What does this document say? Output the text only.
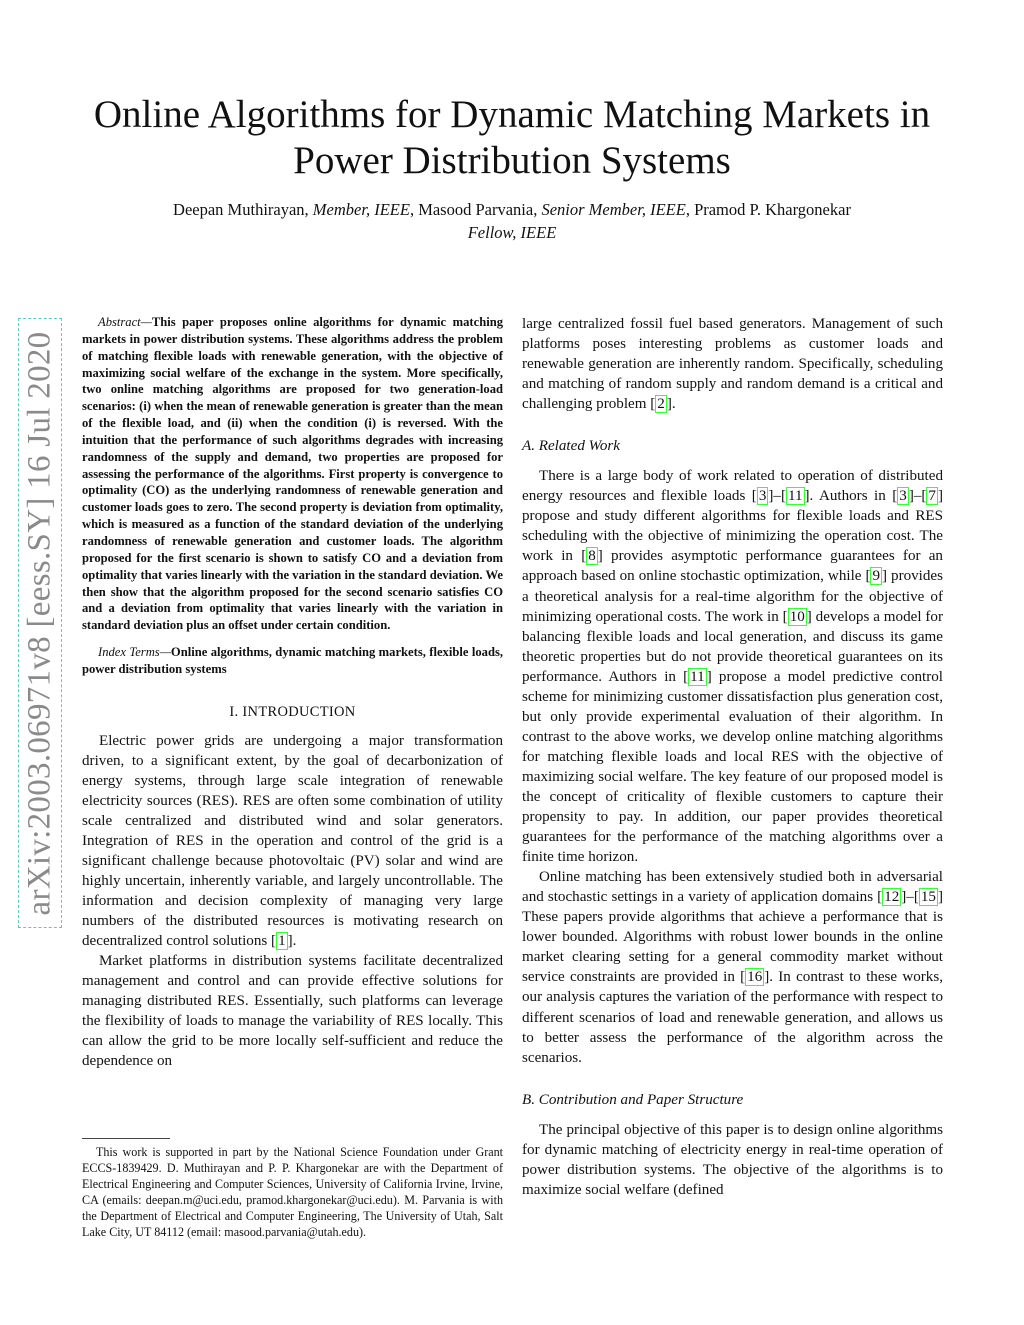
arXiv:2003.06971v8 [eess.SY] 16 Jul 2020
Online Algorithms for Dynamic Matching Markets in Power Distribution Systems
Deepan Muthirayan, Member, IEEE, Masood Parvania, Senior Member, IEEE, Pramod P. Khargonekar
Fellow, IEEE

Abstract—This paper proposes online algorithms for dynamic matching markets in power distribution systems. These algorithms address the problem of matching flexible loads with renewable generation, with the objective of maximizing social welfare of the exchange in the system. More specifically, two online matching algorithms are proposed for two generation-load scenarios: (i) when the mean of renewable generation is greater than the mean of the flexible load, and (ii) when the condition (i) is reversed. With the intuition that the performance of such algorithms degrades with increasing randomness of the supply and demand, two properties are proposed for assessing the performance of the algorithms. First property is convergence to optimality (CO) as the underlying randomness of renewable generation and customer loads goes to zero. The second property is deviation from optimality, which is measured as a function of the standard deviation of the underlying randomness of renewable generation and customer loads. The algorithm proposed for the first scenario is shown to satisfy CO and a deviation from optimality that varies linearly with the variation in the standard deviation. We then show that the algorithm proposed for the second scenario satisfies CO and a deviation from optimality that varies linearly with the variation in standard deviation plus an offset under certain condition.

Index Terms—Online algorithms, dynamic matching markets, flexible loads, power distribution systems

I. INTRODUCTION

Electric power grids are undergoing a major transformation driven, to a significant extent, by the goal of decarbonization of energy systems, through large scale integration of renewable electricity sources (RES). RES are often some combination of utility scale centralized and distributed wind and solar generators. Integration of RES in the operation and control of the grid is a significant challenge because photovoltaic (PV) solar and wind are highly uncertain, inherently variable, and largely uncontrollable. The information and decision complexity of managing very large numbers of the distributed resources is motivating research on decentralized control solutions [ 1 ].

Market platforms in distribution systems facilitate decentralized management and control and can provide effective solutions for managing distributed RES. Essentially, such platforms can leverage the flexibility of loads to manage the variability of RES locally. This can allow the grid to be more locally self-sufficient and reduce the dependence on

large centralized fossil fuel based generators. Management of such platforms poses interesting problems as customer loads and renewable generation are inherently random. Specifically, scheduling and matching of random supply and random demand is a critical and challenging problem [ 2 ].

A. Related Work

There is a large body of work related to operation of distributed energy resources and flexible loads [ 3 ]–[ 11 ]. Authors in [ 3 ]–[ 7 ] propose and study different algorithms for flexible loads and RES scheduling with the objective of minimizing the operation cost. The work in [ 8 ] provides asymptotic performance guarantees for an approach based on online stochastic optimization, while [ 9 ] provides a theoretical analysis for a real-time algorithm for the objective of minimizing operational costs. The work in [ 10 ] develops a model for balancing flexible loads and local generation, and discuss its game theoretic properties but do not provide theoretical guarantees on its performance. Authors in [ 11 ] propose a model predictive control scheme for minimizing customer dissatisfaction plus generation cost, but only provide experimental evaluation of their algorithm. In contrast to the above works, we develop online matching algorithms for matching flexible loads and local RES with the objective of maximizing social welfare. The key feature of our proposed model is the concept of criticality of flexible customers to capture their propensity to pay. In addition, our paper provides theoretical guarantees for the performance of the matching algorithms over a finite time horizon.

Online matching has been extensively studied both in adversarial and stochastic settings in a variety of application domains [ 12 ]–[ 15 ] These papers provide algorithms that achieve a performance that is lower bounded. Algorithms with robust lower bounds in the online market clearing setting for a general commodity market without service constraints are provided in [ 16 ]. In contrast to these works, our analysis captures the variation of the performance with respect to different scenarios of load and renewable generation, and allows us to better assess the performance of the algorithm across the scenarios.

B. Contribution and Paper Structure

The principal objective of this paper is to design online algorithms for dynamic matching of electricity energy in real-time operation of power distribution systems. The objective of the algorithms is to maximize social welfare (defined

This work is supported in part by the National Science Foundation under Grant ECCS-1839429. D. Muthirayan and P. P. Khargonekar are with the Department of Electrical Engineering and Computer Sciences, University of California Irvine, Irvine, CA (emails: deepan.m@uci.edu, pramod.khargonekar@uci.edu). M. Parvania is with the Department of Electrical and Computer Engineering, The University of Utah, Salt Lake City, UT 84112 (email: masood.parvania@utah.edu).
